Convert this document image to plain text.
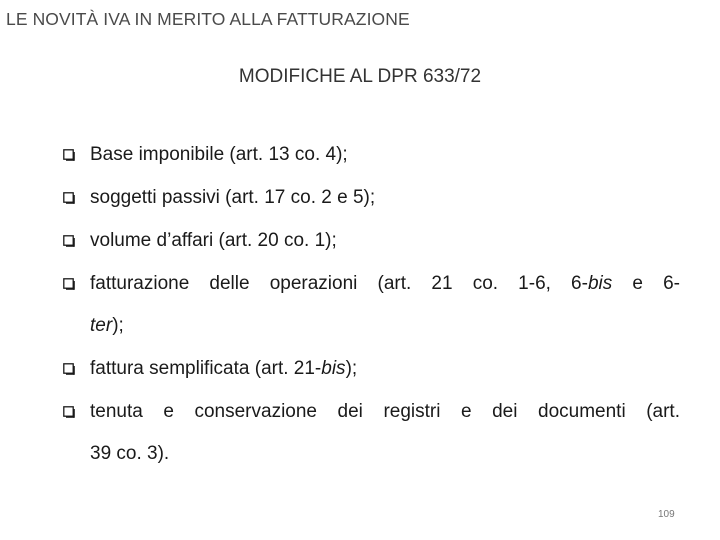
LE NOVITÀ IVA IN MERITO ALLA FATTURAZIONE
MODIFICHE AL DPR 633/72
Base imponibile (art. 13 co. 4);
soggetti passivi (art. 17 co. 2 e 5);
volume d’affari (art. 20 co. 1);
fatturazione delle operazioni (art. 21 co. 1-6, 6-bis e 6-
ter);
fattura semplificata (art. 21-bis);
tenuta e conservazione dei registri e dei documenti (art.
39 co. 3).
109
